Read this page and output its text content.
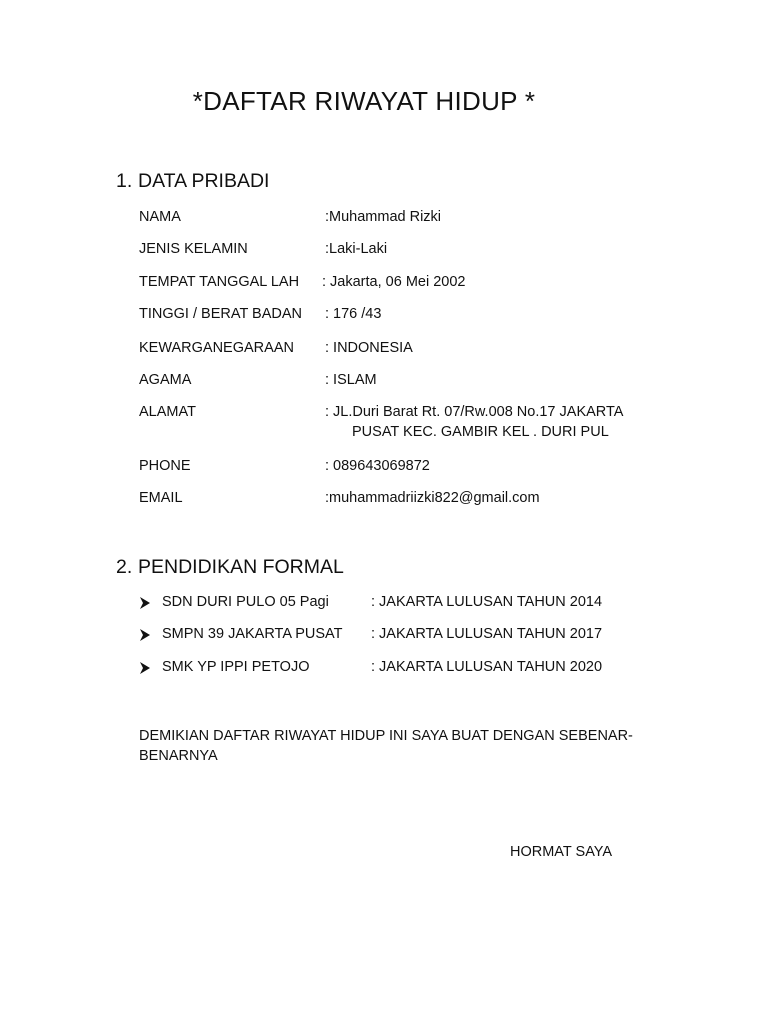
*DAFTAR RIWAYAT HIDUP *
1. DATA PRIBADI
NAMA	:Muhammad Rizki
JENIS KELAMIN	:Laki-Laki
TEMPAT TANGGAL LAH : Jakarta, 06 Mei 2002
TINGGI / BERAT BADAN : 176 /43
KEWARGANEGARAAN : INDONESIA
AGAMA	: ISLAM
ALAMAT	: JL.Duri Barat Rt. 07/Rw.008 No.17 JAKARTA
PUSAT KEC. GAMBIR KEL . DURI PUL
PHONE	: 089643069872
EMAIL	:muhammadriizki822@gmail.com
2. PENDIDIKAN FORMAL
SDN DURI PULO 05 Pagi	: JAKARTA LULUSAN TAHUN 2014
SMPN 39 JAKARTA PUSAT : JAKARTA LULUSAN TAHUN 2017
SMK YP IPPI PETOJO	: JAKARTA LULUSAN TAHUN 2020
DEMIKIAN DAFTAR RIWAYAT HIDUP INI SAYA BUAT DENGAN SEBENAR-BENARNYA
HORMAT SAYA
